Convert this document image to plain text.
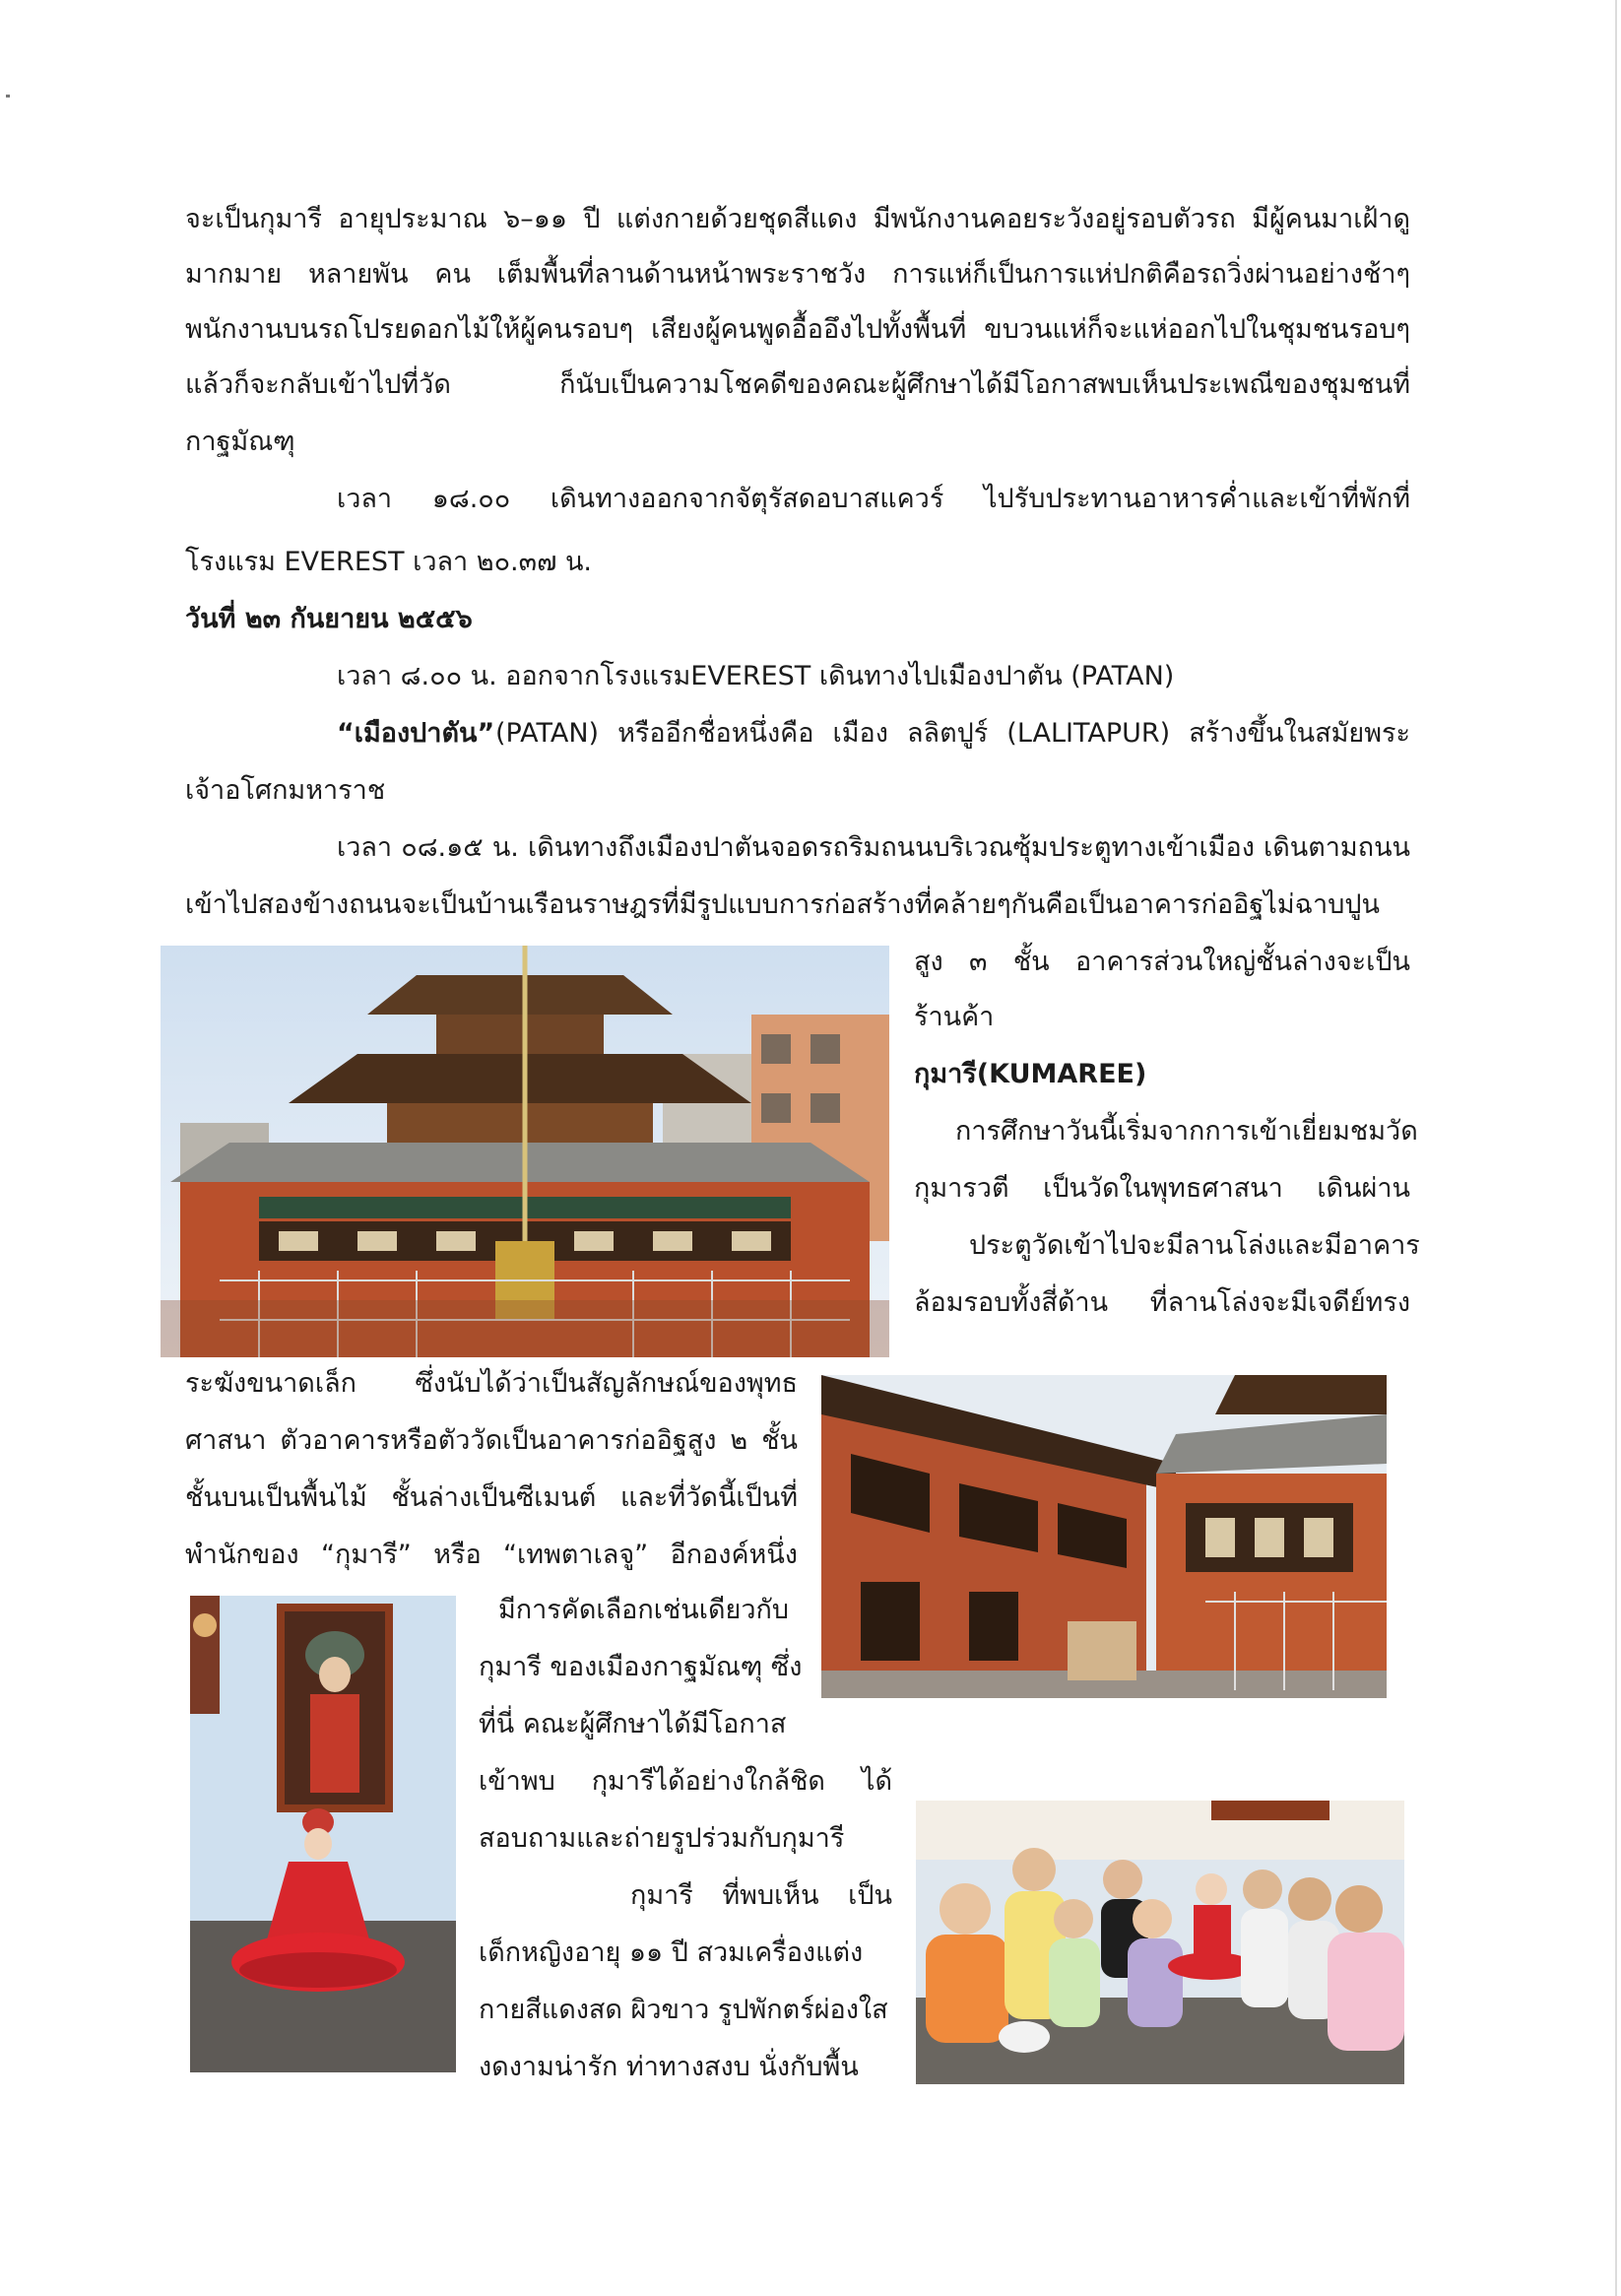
จะเป็นกุมารี อายุประมาณ ๖–๑๑ ปี แต่งกายด้วยชุดสีแดง มีพนักงานคอยระวังอยู่รอบตัวรถ มีผู้คนมาเฝ้าดู
มากมาย หลายพัน คน เต็มพื้นที่ลานด้านหน้าพระราชวัง การแห่ก็เป็นการแห่ปกติคือรถวิ่งผ่านอย่างช้าๆ
พนักงานบนรถโปรยดอกไม้ให้ผู้คนรอบๆ เสียงผู้คนพูดอื้ออึงไปทั้งพื้นที่ ขบวนแห่ก็จะแห่ออกไปในชุมชนรอบๆ
แล้วก็จะกลับเข้าไปที่วัด ก็นับเป็นความโชคดีของคณะผู้ศึกษาได้มีโอกาสพบเห็นประเพณีของชุมชนที่
กาฐมัณฑุ
เวลา ๑๘.๐๐ เดินทางออกจากจัตุรัสดอบาสแควร์ ไปรับประทานอาหารค่ำและเข้าที่พักที่
โรงแรม EVEREST เวลา ๒๐.๓๗ น.
วันที่ ๒๓ กันยายน ๒๕๕๖
เวลา ๘.๐๐ น. ออกจากโรงแรมEVEREST เดินทางไปเมืองปาตัน (PATAN)
“เมืองปาตัน” (PATAN) หรืออีกชื่อหนึ่งคือ เมือง ลลิตปูร์ (LALITAPUR) สร้างขึ้นในสมัยพระ
เจ้าอโศกมหาราช
เวลา ๐๘.๑๕ น. เดินทางถึงเมืองปาตันจอดรถริมถนนบริเวณซุ้มประตูทางเข้าเมือง เดินตามถนน
เข้าไปสองข้างถนนจะเป็นบ้านเรือนราษฎรที่มีรูปแบบการก่อสร้างที่คล้ายๆกันคือเป็นอาคารก่ออิฐไม่ฉาบปูน
สูง ๓ ชั้น อาคารส่วนใหญ่ชั้นล่างจะเป็น
ร้านค้า
กุมารี(KUMAREE)
การศึกษาวันนี้เริ่มจากการเข้าเยี่ยมชมวัด
กุมารวตี เป็นวัดในพุทธศาสนา เดินผ่าน
ประตูวัดเข้าไปจะมีลานโล่งและมีอาคาร
ล้อมรอบทั้งสี่ด้าน ที่ลานโล่งจะมีเจดีย์ทรง
ระฆังขนาดเล็ก ซึ่งนับได้ว่าเป็นสัญลักษณ์ของพุทธ
ศาสนา ตัวอาคารหรือตัววัดเป็นอาคารก่ออิฐสูง ๒ ชั้น
ชั้นบนเป็นพื้นไม้ ชั้นล่างเป็นซีเมนต์ และที่วัดนี้เป็นที่
พำนักของ “กุมารี” หรือ “เทพตาเลจู” อีกองค์หนึ่ง
มีการคัดเลือกเช่นเดียวกับ
กุมารี ของเมืองกาฐมัณฑุ ซึ่ง
ที่นี่ คณะผู้ศึกษาได้มีโอกาส
เข้าพบ กุมารีได้อย่างใกล้ชิด ได้
สอบถามและถ่ายรูปร่วมกับกุมารี
กุมารี ที่พบเห็น เป็น
เด็กหญิงอายุ ๑๑ ปี สวมเครื่องแต่ง
กายสีแดงสด ผิวขาว รูปพักตร์ผ่องใส
งดงามน่ารัก ท่าทางสงบ นั่งกับพื้น
